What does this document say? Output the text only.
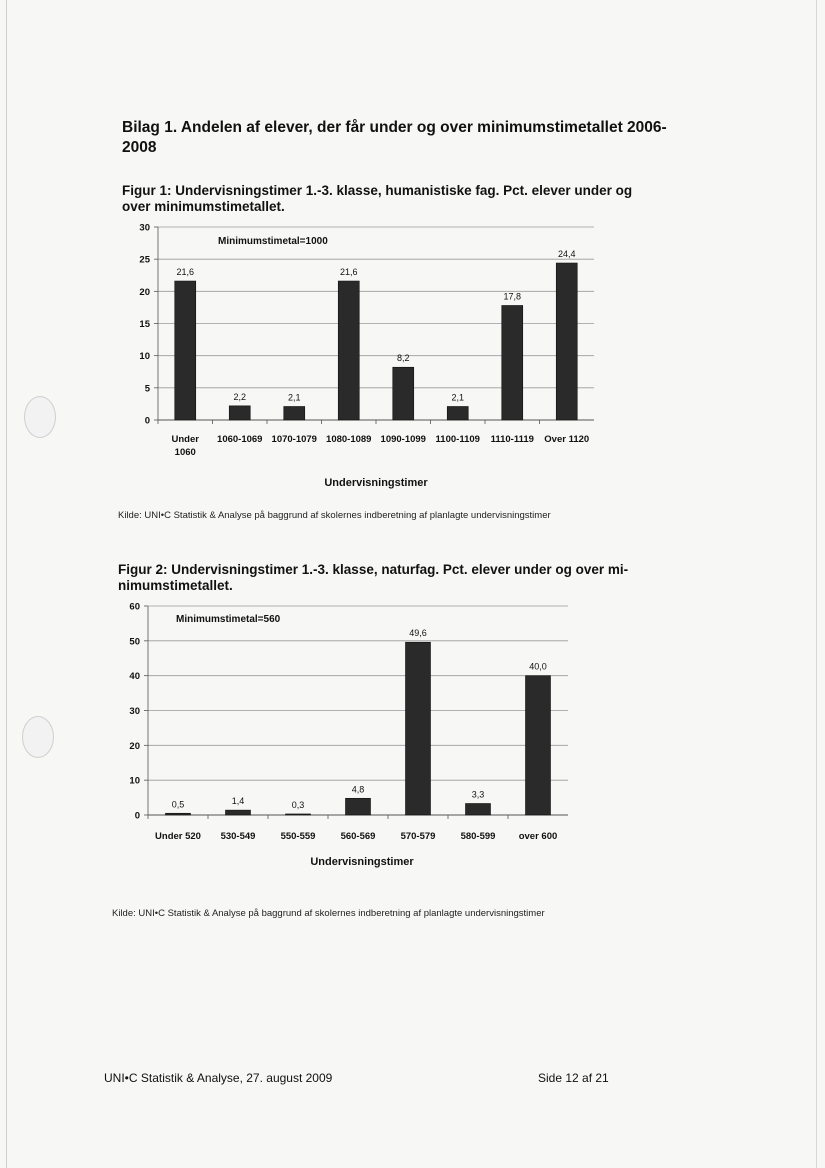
Bilag 1. Andelen af elever, der får under og over minimumstimetallet 2006-2008
Figur 1: Undervisningstimer 1.-3. klasse, humanistiske fag. Pct. elever under og over minimumstimetallet.
0
5
10
15
20
25
30
Minimumstimetal=1000
21,6
2,2	2,1
21,6
8,2
2,1
17,8
24,4
Under 1060-1069 1070-1079 1080-1089 1090-1099 1100-1109 1110-1119 Over 1120
1060
Undervisningstimer
Kilde: UNI•C Statistik & Analyse på baggrund af skolernes indberetning af planlagte undervisningstimer
Figur 2: Undervisningstimer 1.-3. klasse, naturfag. Pct. elever under og over mi-nimumstimetallet.
0
10
20
30
40
50
60
Minimumstimetal=560
0,5	1,4	0,3
4,8
49,6
3,3
40,0
Under 520 530-549	550-559	560-569	570-579	580-599 over 600
Undervisningstimer
Kilde: UNI•C Statistik & Analyse på baggrund af skolernes indberetning af planlagte undervisningstimer
UNI•C Statistik & Analyse, 27. august 2009	Side 12 af 21
